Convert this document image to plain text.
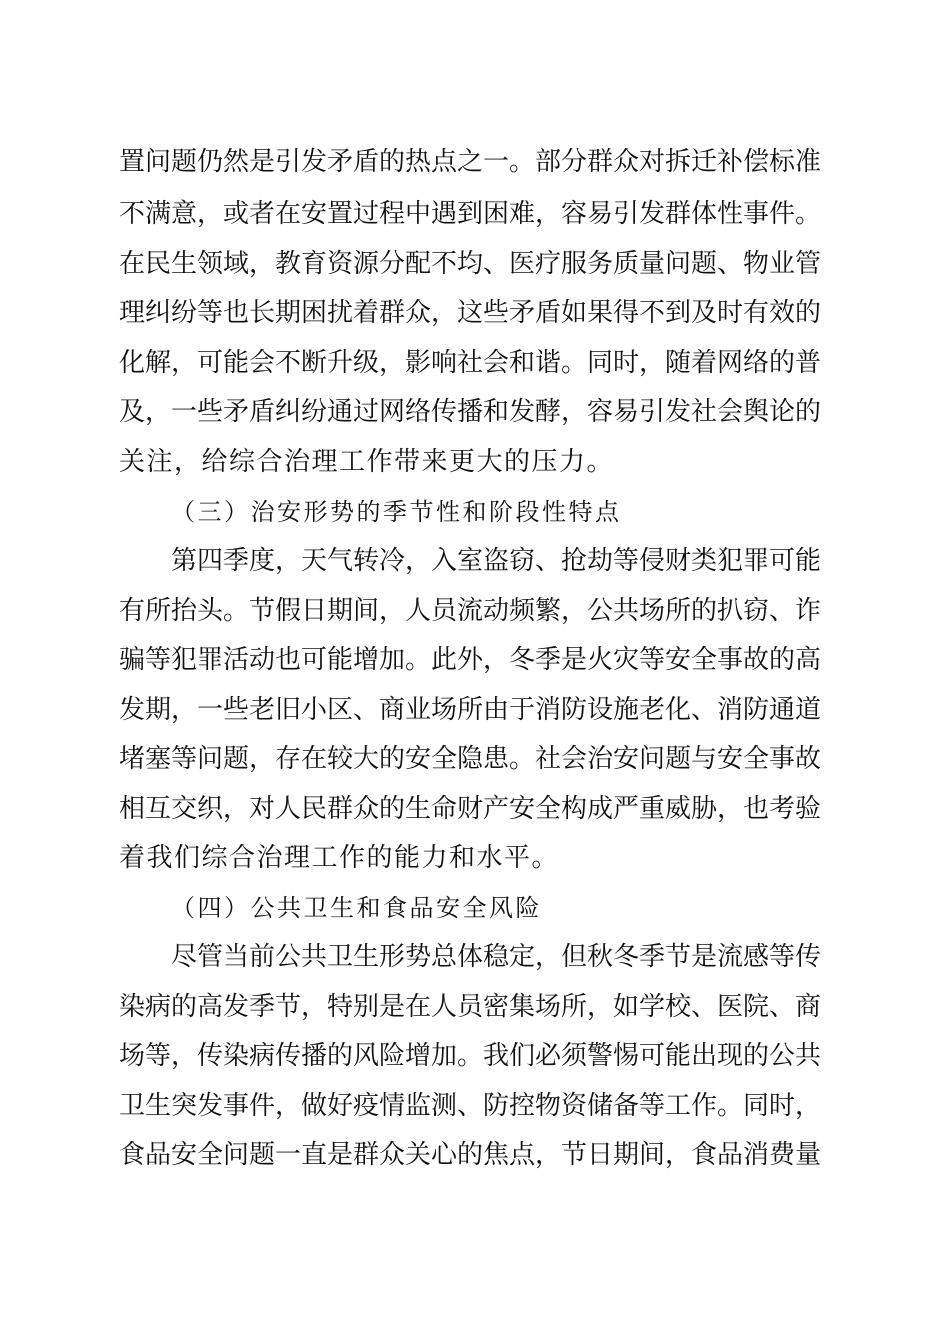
置问题仍然是引发矛盾的热点之一。部分群众对拆迁补偿标准
不满意，或者在安置过程中遇到困难，容易引发群体性事件。
在民生领域，教育资源分配不均、医疗服务质量问题、物业管
理纠纷等也长期困扰着群众，这些矛盾如果得不到及时有效的
化解，可能会不断升级，影响社会和谐。同时，随着网络的普
及，一些矛盾纠纷通过网络传播和发酵，容易引发社会舆论的
关注，给综合治理工作带来更大的压力。
（三）治安形势的季节性和阶段性特点
第四季度，天气转冷，入室盗窃、抢劫等侵财类犯罪可能
有所抬头。节假日期间，人员流动频繁，公共场所的扒窃、诈
骗等犯罪活动也可能增加。此外，冬季是火灾等安全事故的高
发期，一些老旧小区、商业场所由于消防设施老化、消防通道
堵塞等问题，存在较大的安全隐患。社会治安问题与安全事故
相互交织，对人民群众的生命财产安全构成严重威胁，也考验
着我们综合治理工作的能力和水平。
（四）公共卫生和食品安全风险
尽管当前公共卫生形势总体稳定，但秋冬季节是流感等传
染病的高发季节，特别是在人员密集场所，如学校、医院、商
场等，传染病传播的风险增加。我们必须警惕可能出现的公共
卫生突发事件，做好疫情监测、防控物资储备等工作。同时，
食品安全问题一直是群众关心的焦点，节日期间，食品消费量
